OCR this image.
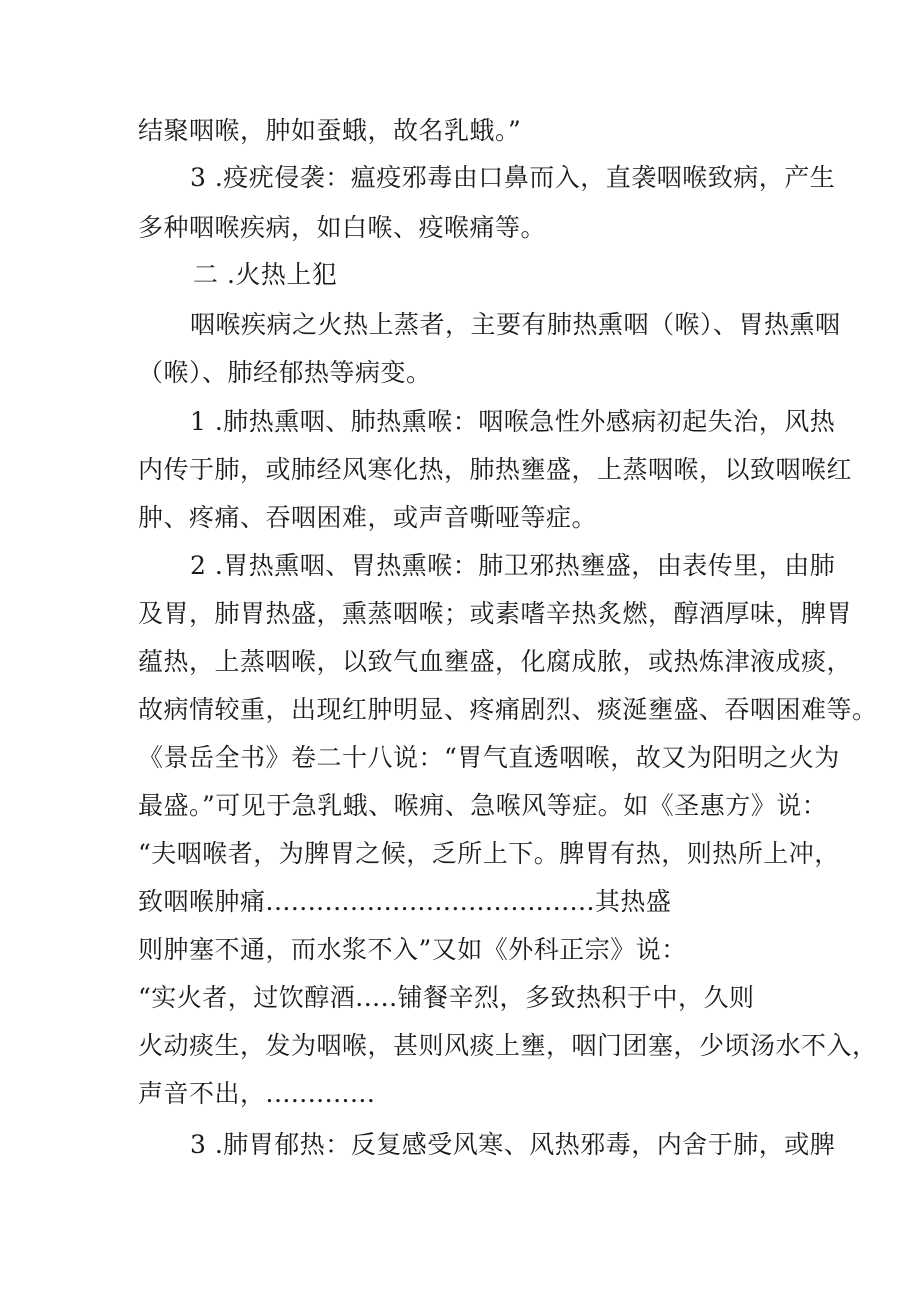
结聚咽喉，肿如蚕蛾，故名乳蛾。”
3 .疫疣侵袭：瘟疫邪毒由口鼻而入，直袭咽喉致病，产生
多种咽喉疾病，如白喉、疫喉痛等。
二 .火热上犯
咽喉疾病之火热上蒸者，主要有肺热熏咽（喉）、胃热熏咽
（喉）、肺经郁热等病变。
1 .肺热熏咽、肺热熏喉：咽喉急性外感病初起失治，风热
内传于肺，或肺经风寒化热，肺热壅盛，上蒸咽喉，以致咽喉红
肿、疼痛、吞咽困难，或声音嘶哑等症。
2 .胃热熏咽、胃热熏喉：肺卫邪热壅盛，由表传里，由肺
及胃，肺胃热盛，熏蒸咽喉；或素嗜辛热炙燃，醇酒厚味，脾胃
蕴热，上蒸咽喉，以致气血壅盛，化腐成脓，或热炼津液成痰，
故病情较重，出现红肿明显、疼痛剧烈、痰涎壅盛、吞咽困难等。
《景岳全书》卷二十八说：“胃气直透咽喉，故又为阳明之火为
最盛。”可见于急乳蛾、喉痈、急喉风等症。如《圣惠方》说：
“夫咽喉者，为脾胃之候，乏所上下。脾胃有热，则热所上冲，
致咽喉肿痛.......................................其热盛
则肿塞不通，而水浆不入”又如《外科正宗》说：
“实火者，过饮醇酒.....铺餐辛烈，多致热积于中，久则
火动痰生，发为咽喉，甚则风痰上壅，咽门团塞，少顷汤水不入，
声音不出，.............
3 .肺胃郁热：反复感受风寒、风热邪毒，内舍于肺，或脾
